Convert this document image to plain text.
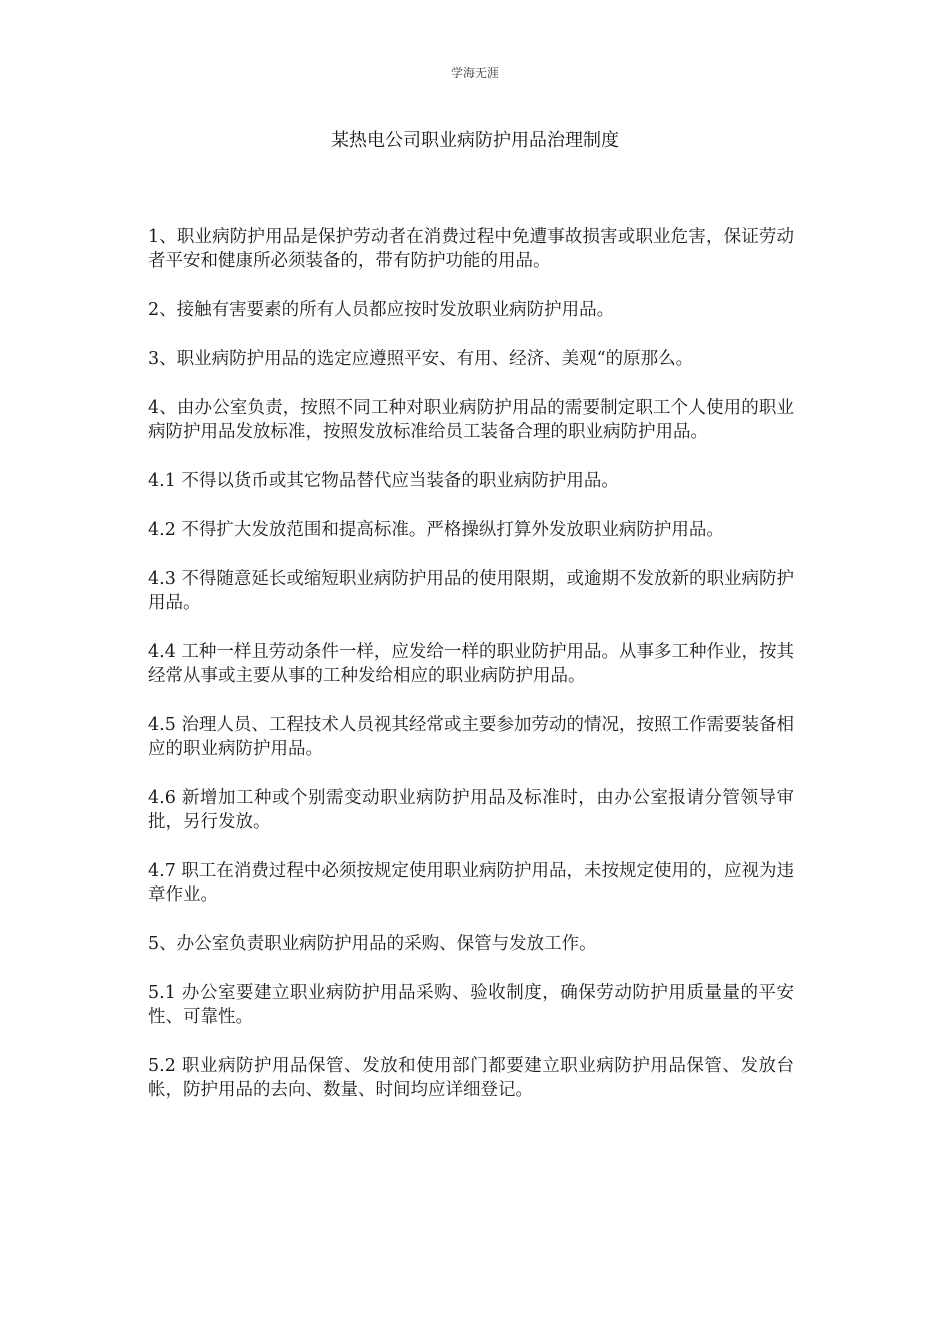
学海无涯
某热电公司职业病防护用品治理制度

1、职业病防护用品是保护劳动者在消费过程中免遭事故损害或职业危害，保证劳动者平安和健康所必须装备的，带有防护功能的用品。

2、接触有害要素的所有人员都应按时发放职业病防护用品。

3、职业病防护用品的选定应遵照平安、有用、经济、美观“的原那么。

4、由办公室负责，按照不同工种对职业病防护用品的需要制定职工个人使用的职业病防护用品发放标准，按照发放标准给员工装备合理的职业病防护用品。

4.1 不得以货币或其它物品替代应当装备的职业病防护用品。

4.2 不得扩大发放范围和提高标准。严格操纵打算外发放职业病防护用品。

4.3 不得随意延长或缩短职业病防护用品的使用限期，或逾期不发放新的职业病防护用品。

4.4 工种一样且劳动条件一样，应发给一样的职业防护用品。从事多工种作业，按其经常从事或主要从事的工种发给相应的职业病防护用品。

4.5 治理人员、工程技术人员视其经常或主要参加劳动的情况，按照工作需要装备相应的职业病防护用品。

4.6 新增加工种或个别需变动职业病防护用品及标准时，由办公室报请分管领导审批，另行发放。

4.7 职工在消费过程中必须按规定使用职业病防护用品，未按规定使用的，应视为违章作业。

5、办公室负责职业病防护用品的采购、保管与发放工作。

5.1 办公室要建立职业病防护用品采购、验收制度，确保劳动防护用质量量的平安性、可靠性。

5.2 职业病防护用品保管、发放和使用部门都要建立职业病防护用品保管、发放台帐，防护用品的去向、数量、时间均应详细登记。
